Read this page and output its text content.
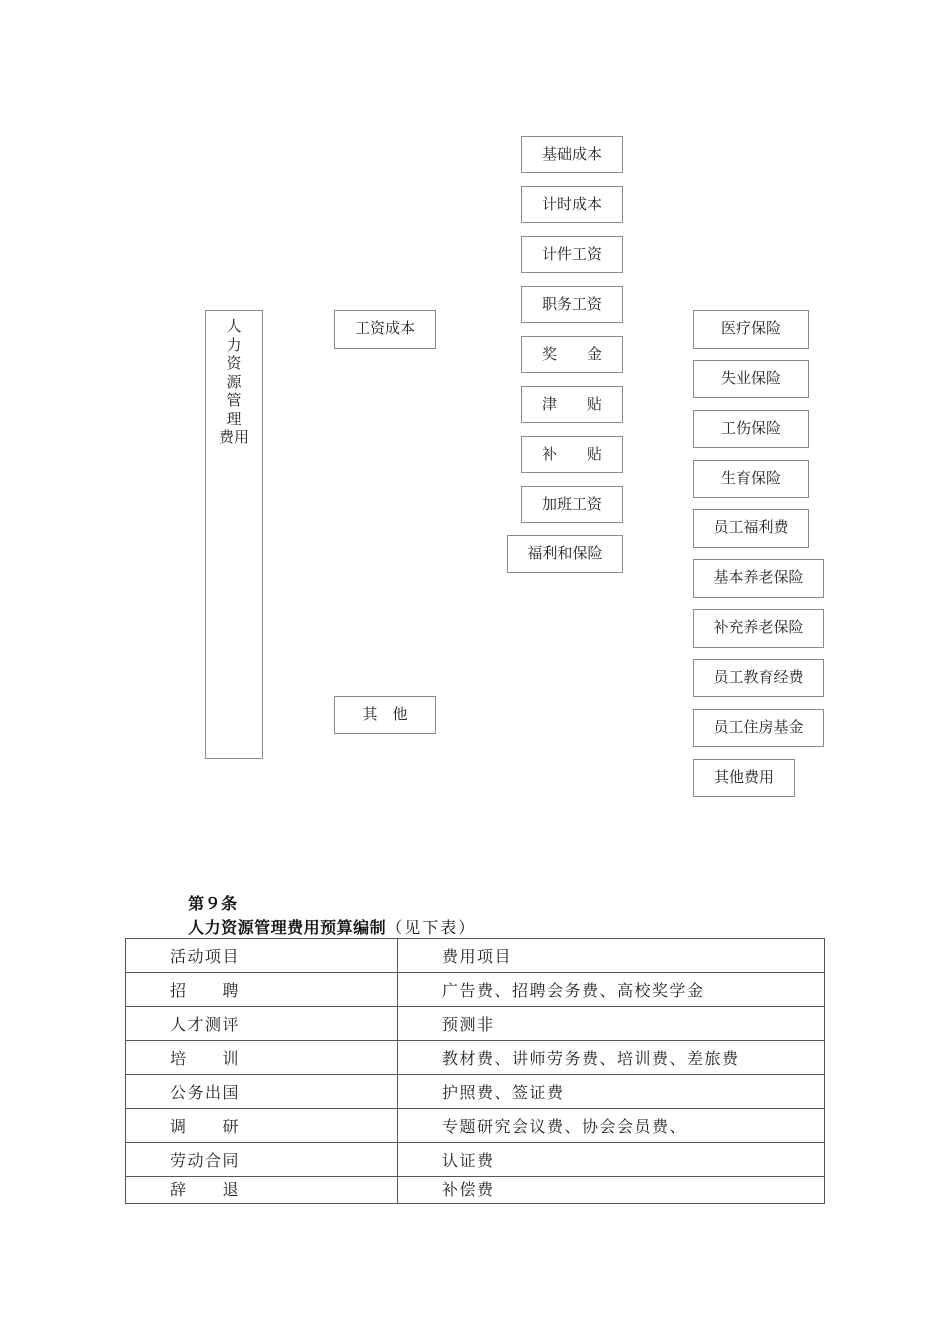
人
力
资
源
管
理
费用
工资成本
其　他
基础成本
计时成本
计件工资
职务工资
奖　　金
津　　贴
补　　贴
加班工资
福利和保险
医疗保险
失业保险
工伤保险
生育保险
员工福利费
基本养老保险
补充养老保险
员工教育经费
员工住房基金
其他费用

第９条
人力资源管理费用预算编制（见下表）

活动项目	费用项目
招　　聘	广告费、招聘会务费、高校奖学金
人才测评	预测非
培　　训	教材费、讲师劳务费、培训费、差旅费
公务出国	护照费、签证费
调　　研	专题研究会议费、协会会员费、
劳动合同	认证费
辞　　退	补偿费
